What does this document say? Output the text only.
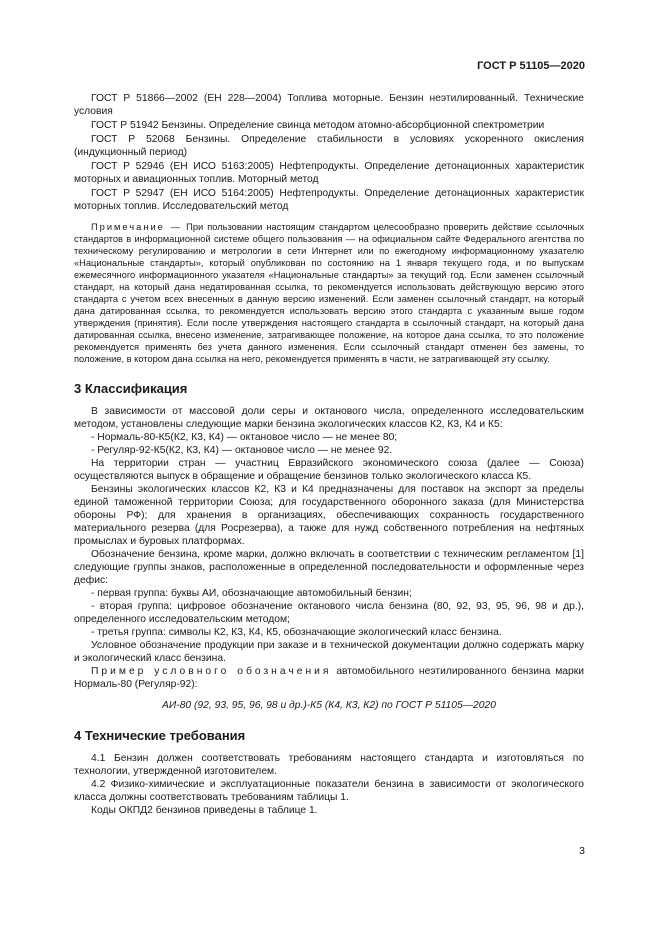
ГОСТ Р 51105—2020

ГОСТ Р 51866—2002 (ЕН 228—2004) Топлива моторные. Бензин неэтилированный. Технические условия

ГОСТ Р 51942 Бензины. Определение свинца методом атомно-абсорбционной спектрометрии

ГОСТ Р 52068 Бензины. Определение стабильности в условиях ускоренного окисления (индукционный период)

ГОСТ Р 52946 (ЕН ИСО 5163:2005) Нефтепродукты. Определение детонационных характеристик моторных и авиационных топлив. Моторный метод

ГОСТ Р 52947 (ЕН ИСО 5164:2005) Нефтепродукты. Определение детонационных характеристик моторных топлив. Исследовательский метод

Примечание — При пользовании настоящим стандартом целесообразно проверить действие ссылочных стандартов в информационной системе общего пользования — на официальном сайте Федерального агентства по техническому регулированию и метрологии в сети Интернет или по ежегодному информационному указателю «Национальные стандарты», который опубликован по состоянию на 1 января текущего года, и по выпускам ежемесячного информационного указателя «Национальные стандарты» за текущий год. Если заменен ссылочный стандарт, на который дана недатированная ссылка, то рекомендуется использовать действующую версию этого стандарта с учетом всех внесенных в данную версию изменений. Если заменен ссылочный стандарт, на который дана датированная ссылка, то рекомендуется использовать версию этого стандарта с указанным выше годом утверждения (принятия). Если после утверждения настоящего стандарта в ссылочный стандарт, на который дана датированная ссылка, внесено изменение, затрагивающее положение, на которое дана ссылка, то это положение рекомендуется применять без учета данного изменения. Если ссылочный стандарт отменен без замены, то положение, в котором дана ссылка на него, рекомендуется применять в части, не затрагивающей эту ссылку.

3 Классификация

В зависимости от массовой доли серы и октанового числа, определенного исследовательским методом, установлены следующие марки бензина экологических классов К2, К3, К4 и К5:

- Нормаль-80-К5(К2, К3, К4) — октановое число — не менее 80;

- Регуляр-92-К5(К2, К3, К4) — октановое число — не менее 92.

На территории стран — участниц Евразийского экономического союза (далее — Союза) осуществляются выпуск в обращение и обращение бензинов только экологического класса К5.

Бензины экологических классов К2, К3 и К4 предназначены для поставок на экспорт за пределы единой таможенной территории Союза; для государственного оборонного заказа (для Министерства обороны РФ); для хранения в организациях, обеспечивающих сохранность государственного материального резерва (для Росрезерва), а также для нужд собственного потребления на нефтяных промыслах и буровых платформах.

Обозначение бензина, кроме марки, должно включать в соответствии с техническим регламентом [1] следующие группы знаков, расположенные в определенной последовательности и оформленные через дефис:

- первая группа: буквы АИ, обозначающие автомобильный бензин;

- вторая группа: цифровое обозначение октанового числа бензина (80, 92, 93, 95, 96, 98 и др.), определенного исследовательским методом;

- третья группа: символы К2, К3, К4, К5, обозначающие экологический класс бензина.

Условное обозначение продукции при заказе и в технической документации должно содержать марку и экологический класс бензина.

Пример условного обозначения автомобильного неэтилированного бензина марки Нормаль-80 (Регуляр-92):

АИ-80 (92, 93, 95, 96, 98 и др.)-К5 (К4, К3, К2) по ГОСТ Р 51105—2020

4 Технические требования

4.1 Бензин должен соответствовать требованиям настоящего стандарта и изготовляться по технологии, утвержденной изготовителем.

4.2 Физико-химические и эксплуатационные показатели бензина в зависимости от экологического класса должны соответствовать требованиям таблицы 1.

Коды ОКПД2 бензинов приведены в таблице 1.

3
